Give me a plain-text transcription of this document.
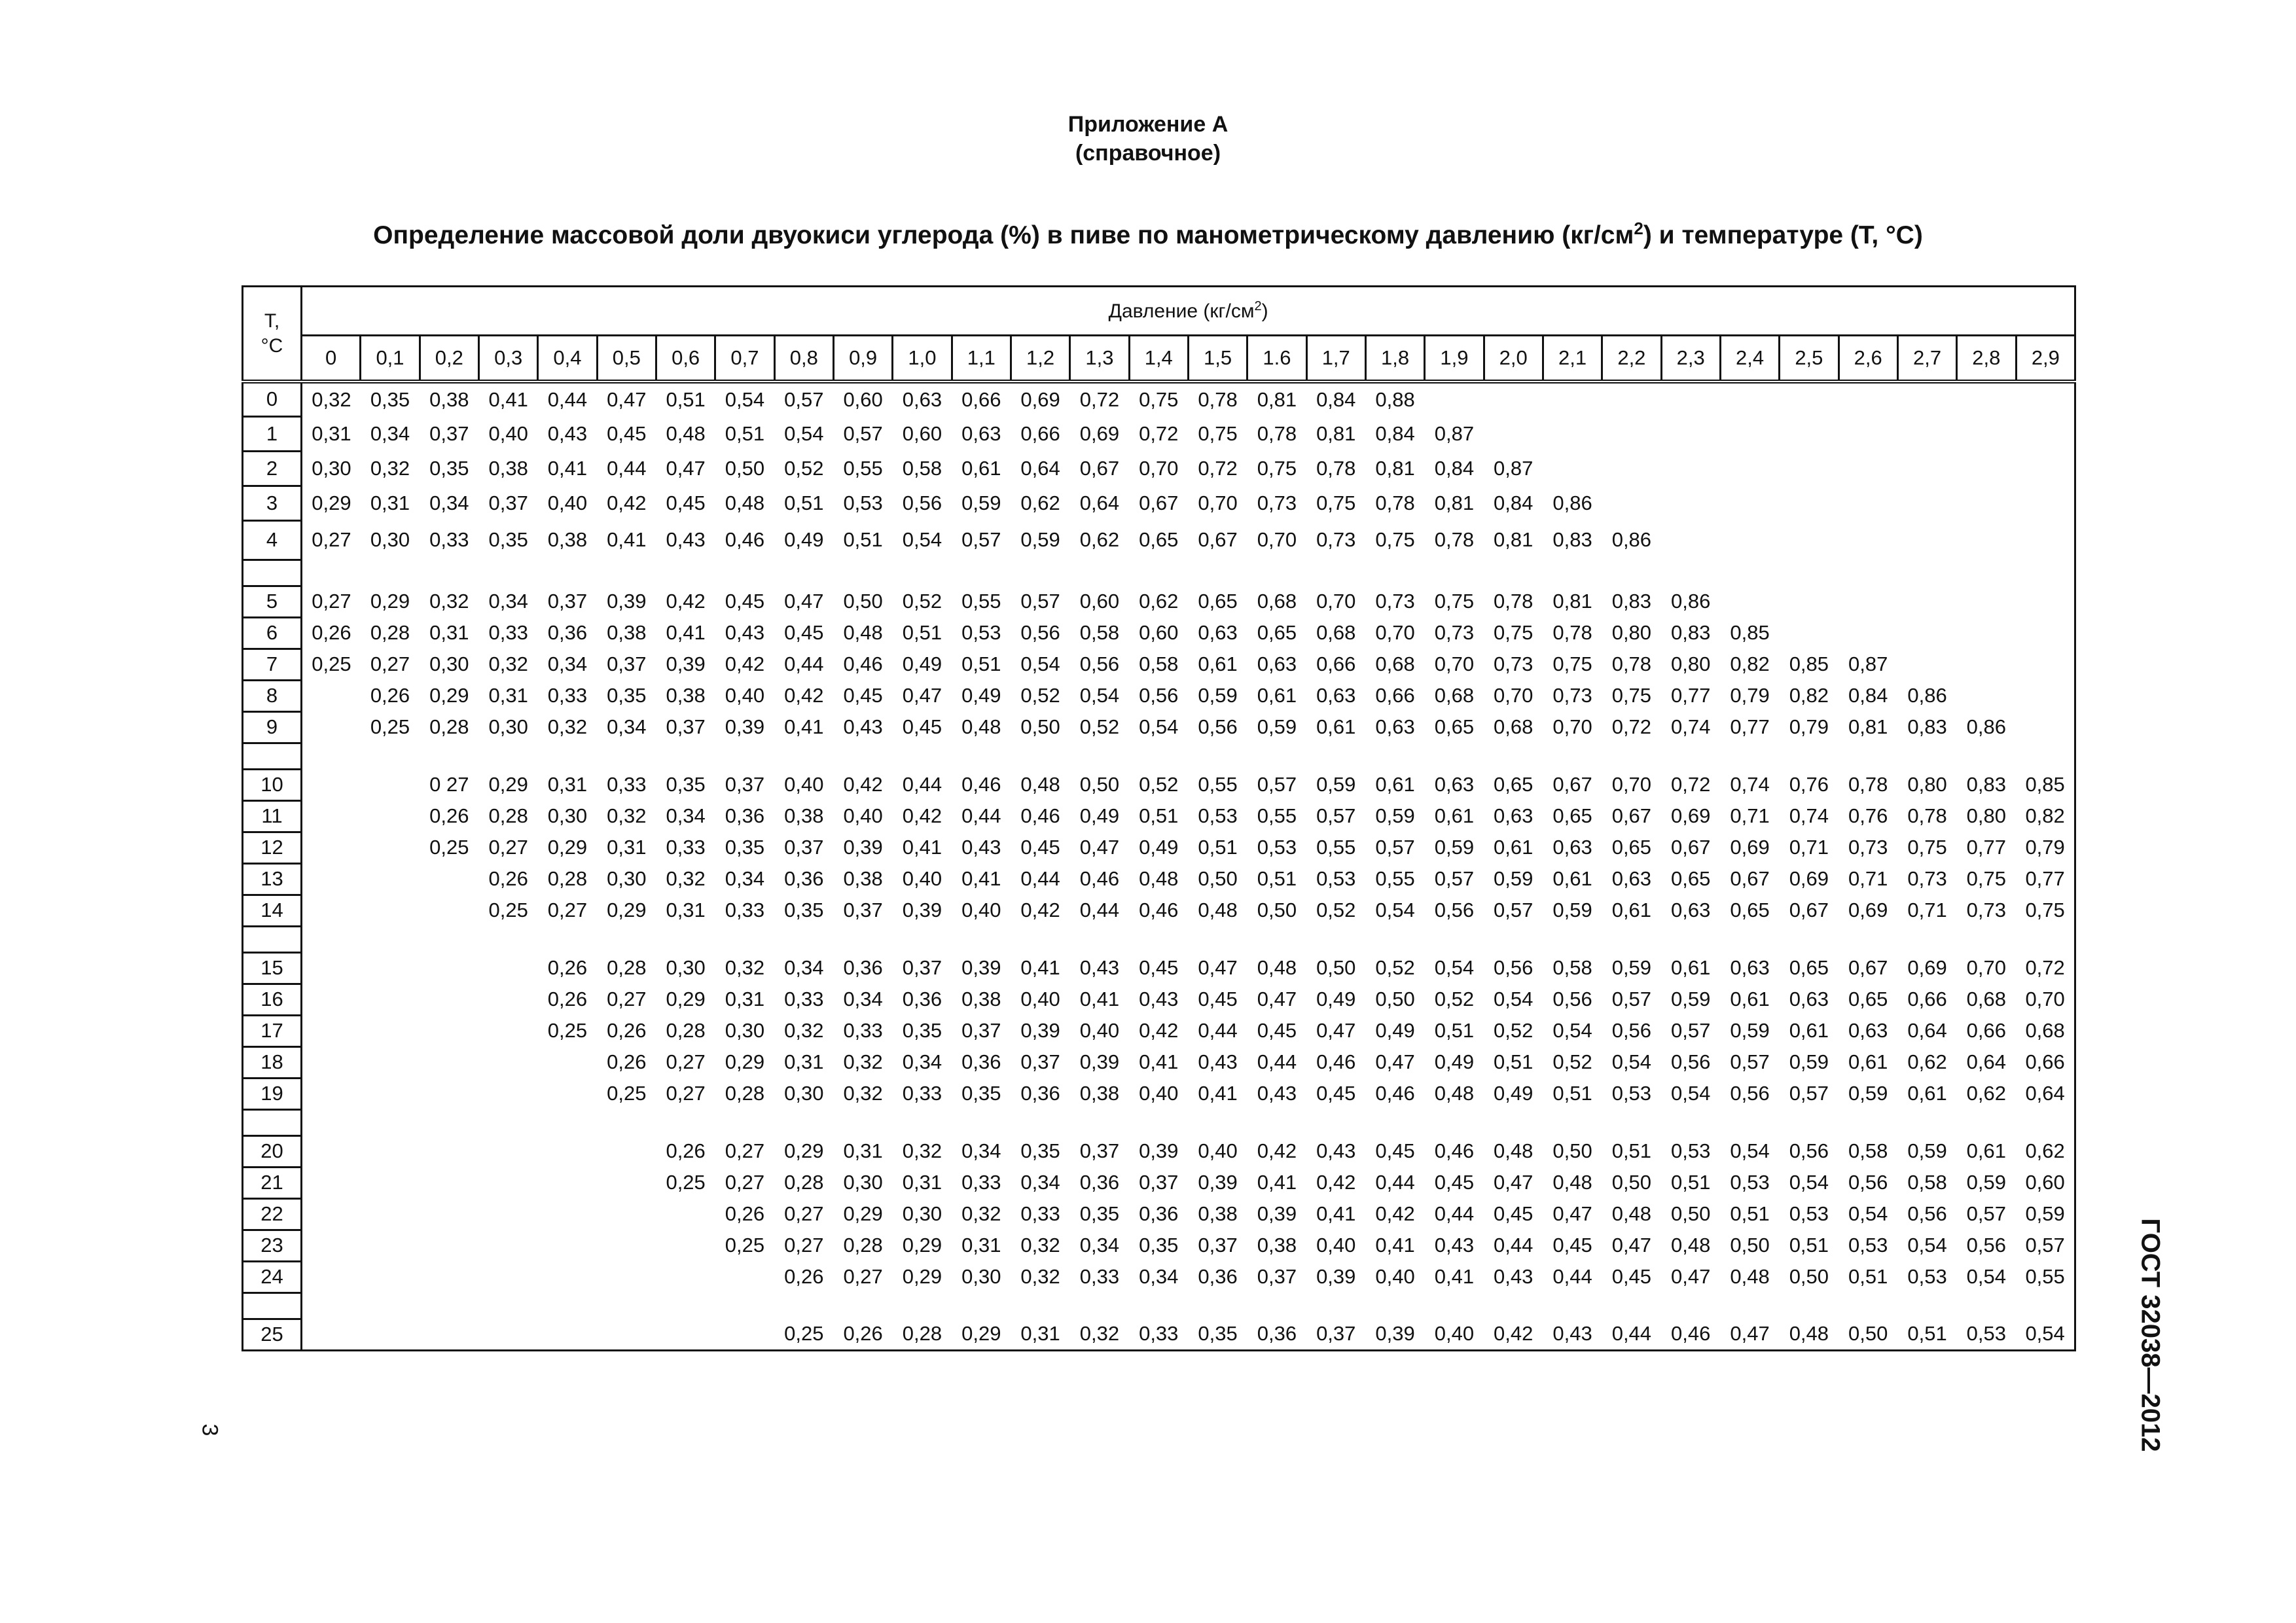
Приложение А
(справочное)
Определение массовой доли двуокиси углерода (%) в пиве по манометрическому давлению $(кг/см^2)$ и температуре (T, °С)
T,
°С	Давление $(кг/см^2)$																													
	0	0,1	0,2	0,3	0,4	0,5	0,6	0,7	0,8	0,9	1,0	1,1	1,2	1,3	1,4	1,5	1.6	1,7	1,8	1,9	2,0	2,1	2,2	2,3	2,4	2,5	2,6	2,7	2,8	2,9
0	0,32	0,35	0,38	0,41	0,44	0,47	0,51	0,54	0,57	0,60	0,63	0,66	0,69	0,72	0,75	0,78	0,81	0,84	0,88											
1	0,31	0,34	0,37	0,40	0,43	0,45	0,48	0,51	0,54	0,57	0,60	0,63	0,66	0,69	0,72	0,75	0,78	0,81	0,84	0,87										
2	0,30	0,32	0,35	0,38	0,41	0,44	0,47	0,50	0,52	0,55	0,58	0,61	0,64	0,67	0,70	0,72	0,75	0,78	0,81	0,84	0,87									
3	0,29	0,31	0,34	0,37	0,40	0,42	0,45	0,48	0,51	0,53	0,56	0,59	0,62	0,64	0,67	0,70	0,73	0,75	0,78	0,81	0,84	0,86								
4	0,27	0,30	0,33	0,35	0,38	0,41	0,43	0,46	0,49	0,51	0,54	0,57	0,59	0,62	0,65	0,67	0,70	0,73	0,75	0,78	0,81	0,83	0,86							

5	0,27	0,29	0,32	0,34	0,37	0,39	0,42	0,45	0,47	0,50	0,52	0,55	0,57	0,60	0,62	0,65	0,68	0,70	0,73	0,75	0,78	0,81	0,83	0,86						
6	0,26	0,28	0,31	0,33	0,36	0,38	0,41	0,43	0,45	0,48	0,51	0,53	0,56	0,58	0,60	0,63	0,65	0,68	0,70	0,73	0,75	0,78	0,80	0,83	0,85					
7	0,25	0,27	0,30	0,32	0,34	0,37	0,39	0,42	0,44	0,46	0,49	0,51	0,54	0,56	0,58	0,61	0,63	0,66	0,68	0,70	0,73	0,75	0,78	0,80	0,82	0,85	0,87			
8		0,26	0,29	0,31	0,33	0,35	0,38	0,40	0,42	0,45	0,47	0,49	0,52	0,54	0,56	0,59	0,61	0,63	0,66	0,68	0,70	0,73	0,75	0,77	0,79	0,82	0,84	0,86		
9		0,25	0,28	0,30	0,32	0,34	0,37	0,39	0,41	0,43	0,45	0,48	0,50	0,52	0,54	0,56	0,59	0,61	0,63	0,65	0,68	0,70	0,72	0,74	0,77	0,79	0,81	0,83	0,86	

10			0 27	0,29	0,31	0,33	0,35	0,37	0,40	0,42	0,44	0,46	0,48	0,50	0,52	0,55	0,57	0,59	0,61	0,63	0,65	0,67	0,70	0,72	0,74	0,76	0,78	0,80	0,83	0,85
11			0,26	0,28	0,30	0,32	0,34	0,36	0,38	0,40	0,42	0,44	0,46	0,49	0,51	0,53	0,55	0,57	0,59	0,61	0,63	0,65	0,67	0,69	0,71	0,74	0,76	0,78	0,80	0,82
12			0,25	0,27	0,29	0,31	0,33	0,35	0,37	0,39	0,41	0,43	0,45	0,47	0,49	0,51	0,53	0,55	0,57	0,59	0,61	0,63	0,65	0,67	0,69	0,71	0,73	0,75	0,77	0,79
13				0,26	0,28	0,30	0,32	0,34	0,36	0,38	0,40	0,41	0,44	0,46	0,48	0,50	0,51	0,53	0,55	0,57	0,59	0,61	0,63	0,65	0,67	0,69	0,71	0,73	0,75	0,77
14				0,25	0,27	0,29	0,31	0,33	0,35	0,37	0,39	0,40	0,42	0,44	0,46	0,48	0,50	0,52	0,54	0,56	0,57	0,59	0,61	0,63	0,65	0,67	0,69	0,71	0,73	0,75

15					0,26	0,28	0,30	0,32	0,34	0,36	0,37	0,39	0,41	0,43	0,45	0,47	0,48	0,50	0,52	0,54	0,56	0,58	0,59	0,61	0,63	0,65	0,67	0,69	0,70	0,72
16					0,26	0,27	0,29	0,31	0,33	0,34	0,36	0,38	0,40	0,41	0,43	0,45	0,47	0,49	0,50	0,52	0,54	0,56	0,57	0,59	0,61	0,63	0,65	0,66	0,68	0,70
17					0,25	0,26	0,28	0,30	0,32	0,33	0,35	0,37	0,39	0,40	0,42	0,44	0,45	0,47	0,49	0,51	0,52	0,54	0,56	0,57	0,59	0,61	0,63	0,64	0,66	0,68
18						0,26	0,27	0,29	0,31	0,32	0,34	0,36	0,37	0,39	0,41	0,43	0,44	0,46	0,47	0,49	0,51	0,52	0,54	0,56	0,57	0,59	0,61	0,62	0,64	0,66
19						0,25	0,27	0,28	0,30	0,32	0,33	0,35	0,36	0,38	0,40	0,41	0,43	0,45	0,46	0,48	0,49	0,51	0,53	0,54	0,56	0,57	0,59	0,61	0,62	0,64

20							0,26	0,27	0,29	0,31	0,32	0,34	0,35	0,37	0,39	0,40	0,42	0,43	0,45	0,46	0,48	0,50	0,51	0,53	0,54	0,56	0,58	0,59	0,61	0,62
21							0,25	0,27	0,28	0,30	0,31	0,33	0,34	0,36	0,37	0,39	0,41	0,42	0,44	0,45	0,47	0,48	0,50	0,51	0,53	0,54	0,56	0,58	0,59	0,60
22								0,26	0,27	0,29	0,30	0,32	0,33	0,35	0,36	0,38	0,39	0,41	0,42	0,44	0,45	0,47	0,48	0,50	0,51	0,53	0,54	0,56	0,57	0,59
23								0,25	0,27	0,28	0,29	0,31	0,32	0,34	0,35	0,37	0,38	0,40	0,41	0,43	0,44	0,45	0,47	0,48	0,50	0,51	0,53	0,54	0,56	0,57
24									0,26	0,27	0,29	0,30	0,32	0,33	0,34	0,36	0,37	0,39	0,40	0,41	0,43	0,44	0,45	0,47	0,48	0,50	0,51	0,53	0,54	0,55

25									0,25	0,26	0,28	0,29	0,31	0,32	0,33	0,35	0,36	0,37	0,39	0,40	0,42	0,43	0,44	0,46	0,47	0,48	0,50	0,51	0,53	0,54	ГОСТ 32038—2012
3
